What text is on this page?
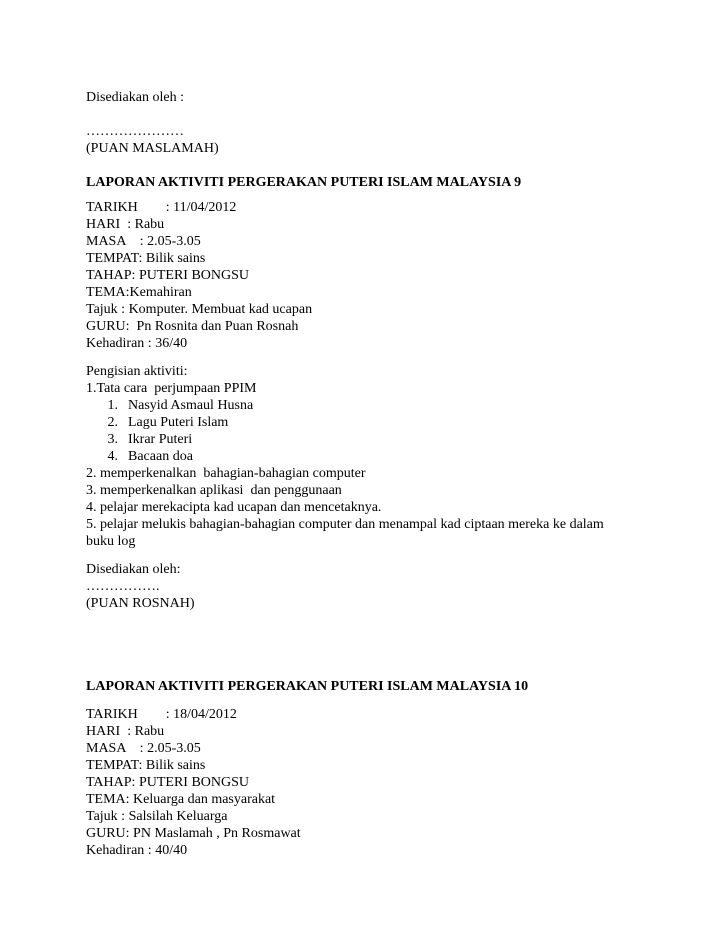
Disediakan oleh :
…………………
(PUAN MASLAMAH)
LAPORAN AKTIVITI PERGERAKAN PUTERI ISLAM MALAYSIA 9
TARIKH        : 11/04/2012
HARI  : Rabu
MASA    : 2.05-3.05
TEMPAT: Bilik sains
TAHAP: PUTERI BONGSU
TEMA:Kemahiran
Tajuk : Komputer. Membuat kad ucapan
GURU:  Pn Rosnita dan Puan Rosnah
Kehadiran : 36/40
Pengisian aktiviti:
1.Tata cara  perjumpaan PPIM
1. Nasyid Asmaul Husna
2. Lagu Puteri Islam
3. Ikrar Puteri
4. Bacaan doa
2. memperkenalkan  bahagian-bahagian computer
3. memperkenalkan aplikasi  dan penggunaan
4. pelajar merekacipta kad ucapan dan mencetaknya.
5. pelajar melukis bahagian-bahagian computer dan menampal kad ciptaan mereka ke dalam
buku log
Disediakan oleh:
…………….
(PUAN ROSNAH)
LAPORAN AKTIVITI PERGERAKAN PUTERI ISLAM MALAYSIA 10
TARIKH        : 18/04/2012
HARI  : Rabu
MASA    : 2.05-3.05
TEMPAT: Bilik sains
TAHAP: PUTERI BONGSU
TEMA: Keluarga dan masyarakat
Tajuk : Salsilah Keluarga
GURU: PN Maslamah , Pn Rosmawat
Kehadiran : 40/40
